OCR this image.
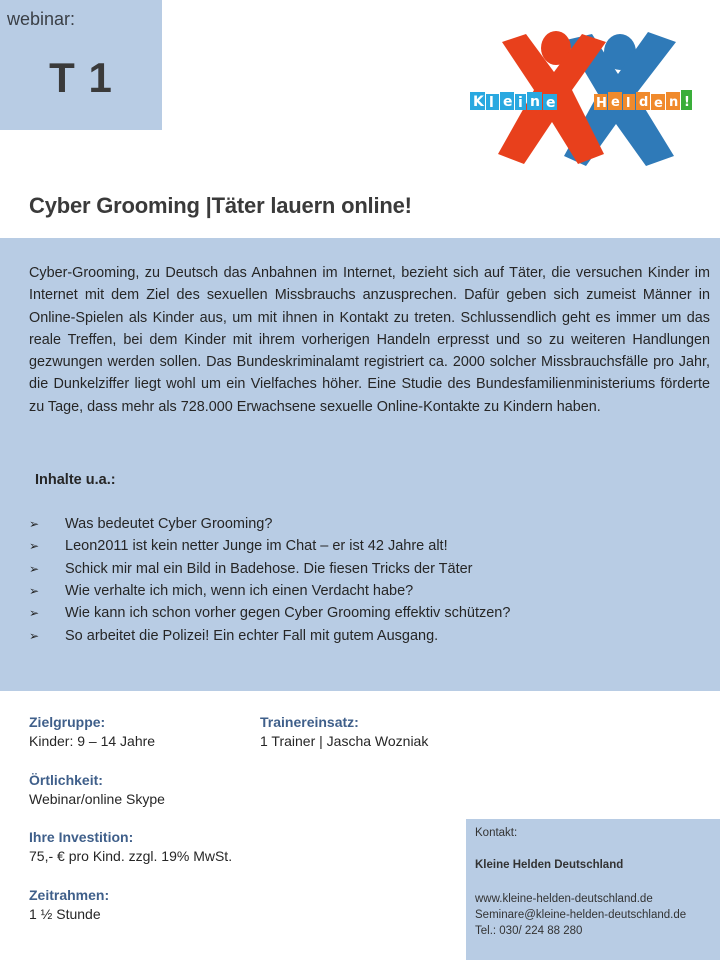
webinar:
T 1
K l e i n e	H e l d e n !
Cyber Grooming |Täter lauern online!

Cyber-Grooming, zu Deutsch das Anbahnen im Internet, bezieht sich auf Täter, die versuchen Kinder im Internet mit dem Ziel des sexuellen Missbrauchs anzusprechen. Dafür geben sich zumeist Männer in Online-Spielen als Kinder aus, um mit ihnen in Kontakt zu treten. Schlussendlich geht es immer um das reale Treffen, bei dem Kinder mit ihrem vorherigen Handeln erpresst und so zu weiteren Handlungen gezwungen werden sollen. Das Bundeskriminalamt registriert ca. 2000 solcher Missbrauchsfälle pro Jahr, die Dunkelziffer liegt wohl um ein Vielfaches höher. Eine Studie des Bundesfamilienministeriums förderte zu Tage, dass mehr als 728.000 Erwachsene sexuelle Online-Kontakte zu Kindern haben.

Inhalte u.a.:
➢	Was bedeutet Cyber Grooming?
➢	Leon2011 ist kein netter Junge im Chat – er ist 42 Jahre alt!
➢	Schick mir mal ein Bild in Badehose. Die fiesen Tricks der Täter
➢	Wie verhalte ich mich, wenn ich einen Verdacht habe?
➢	Wie kann ich schon vorher gegen Cyber Grooming effektiv schützen?
➢	So arbeitet die Polizei! Ein echter Fall mit gutem Ausgang.
Zielgruppe:
Kinder: 9 – 14 Jahre
Trainereinsatz:
1 Trainer | Jascha Wozniak
Örtlichkeit:
Webinar/online Skype
Ihre Investition:
75,- € pro Kind. zzgl. 19% MwSt.
Zeitrahmen:
1 ½ Stunde
Kontakt:
Kleine Helden Deutschland
www.kleine-helden-deutschland.de
Seminare@kleine-helden-deutschland.de
Tel.: 030/ 224 88 280
